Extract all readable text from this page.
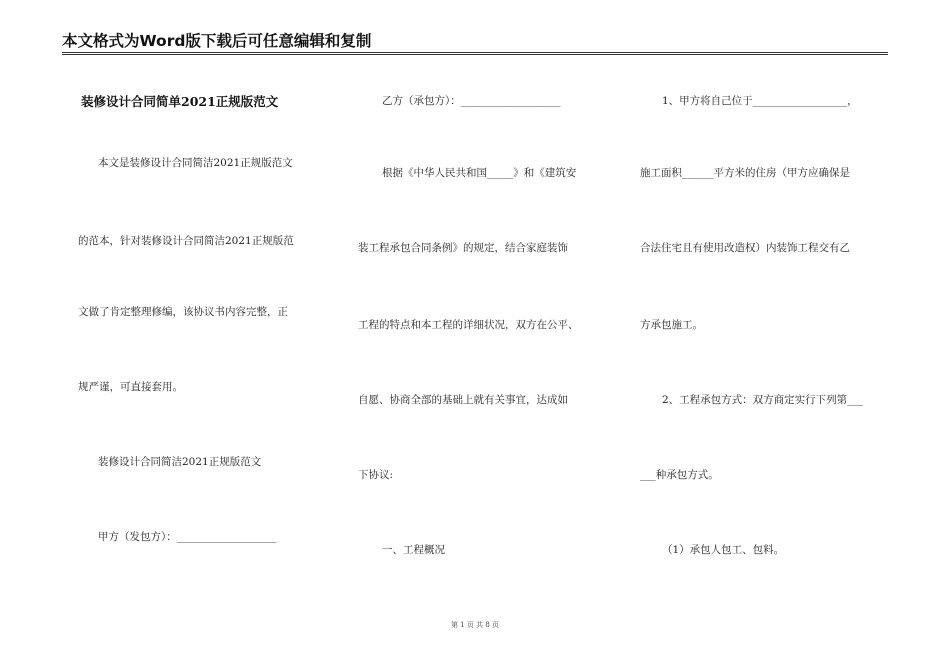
本文格式为Word版下载后可任意编辑和复制
装修设计合同简单2021正规版范文
本文是装修设计合同简洁2021正规版范文
的范本，针对装修设计合同简洁2021正规版范
文做了肯定整理修编，该协议书内容完整，正
规严谨，可直接套用。
装修设计合同简洁2021正规版范文
甲方（发包方）：___________________
乙方（承包方）：___________________
根据《中华人民共和国_____》和《建筑安
装工程承包合同条例》的规定，结合家庭装饰
工程的特点和本工程的详细状况，双方在公平、
自愿、协商全部的基础上就有关事宜，达成如
下协议:
一、工程概况
1、甲方将自己位于__________________，
施工面积______平方米的住房（甲方应确保是
合法住宅且有使用改造权）内装饰工程交有乙
方承包施工。
2、工程承包方式：双方商定实行下列第___
___种承包方式。
（1）承包人包工、包料。
第 1 页 共 8 页
